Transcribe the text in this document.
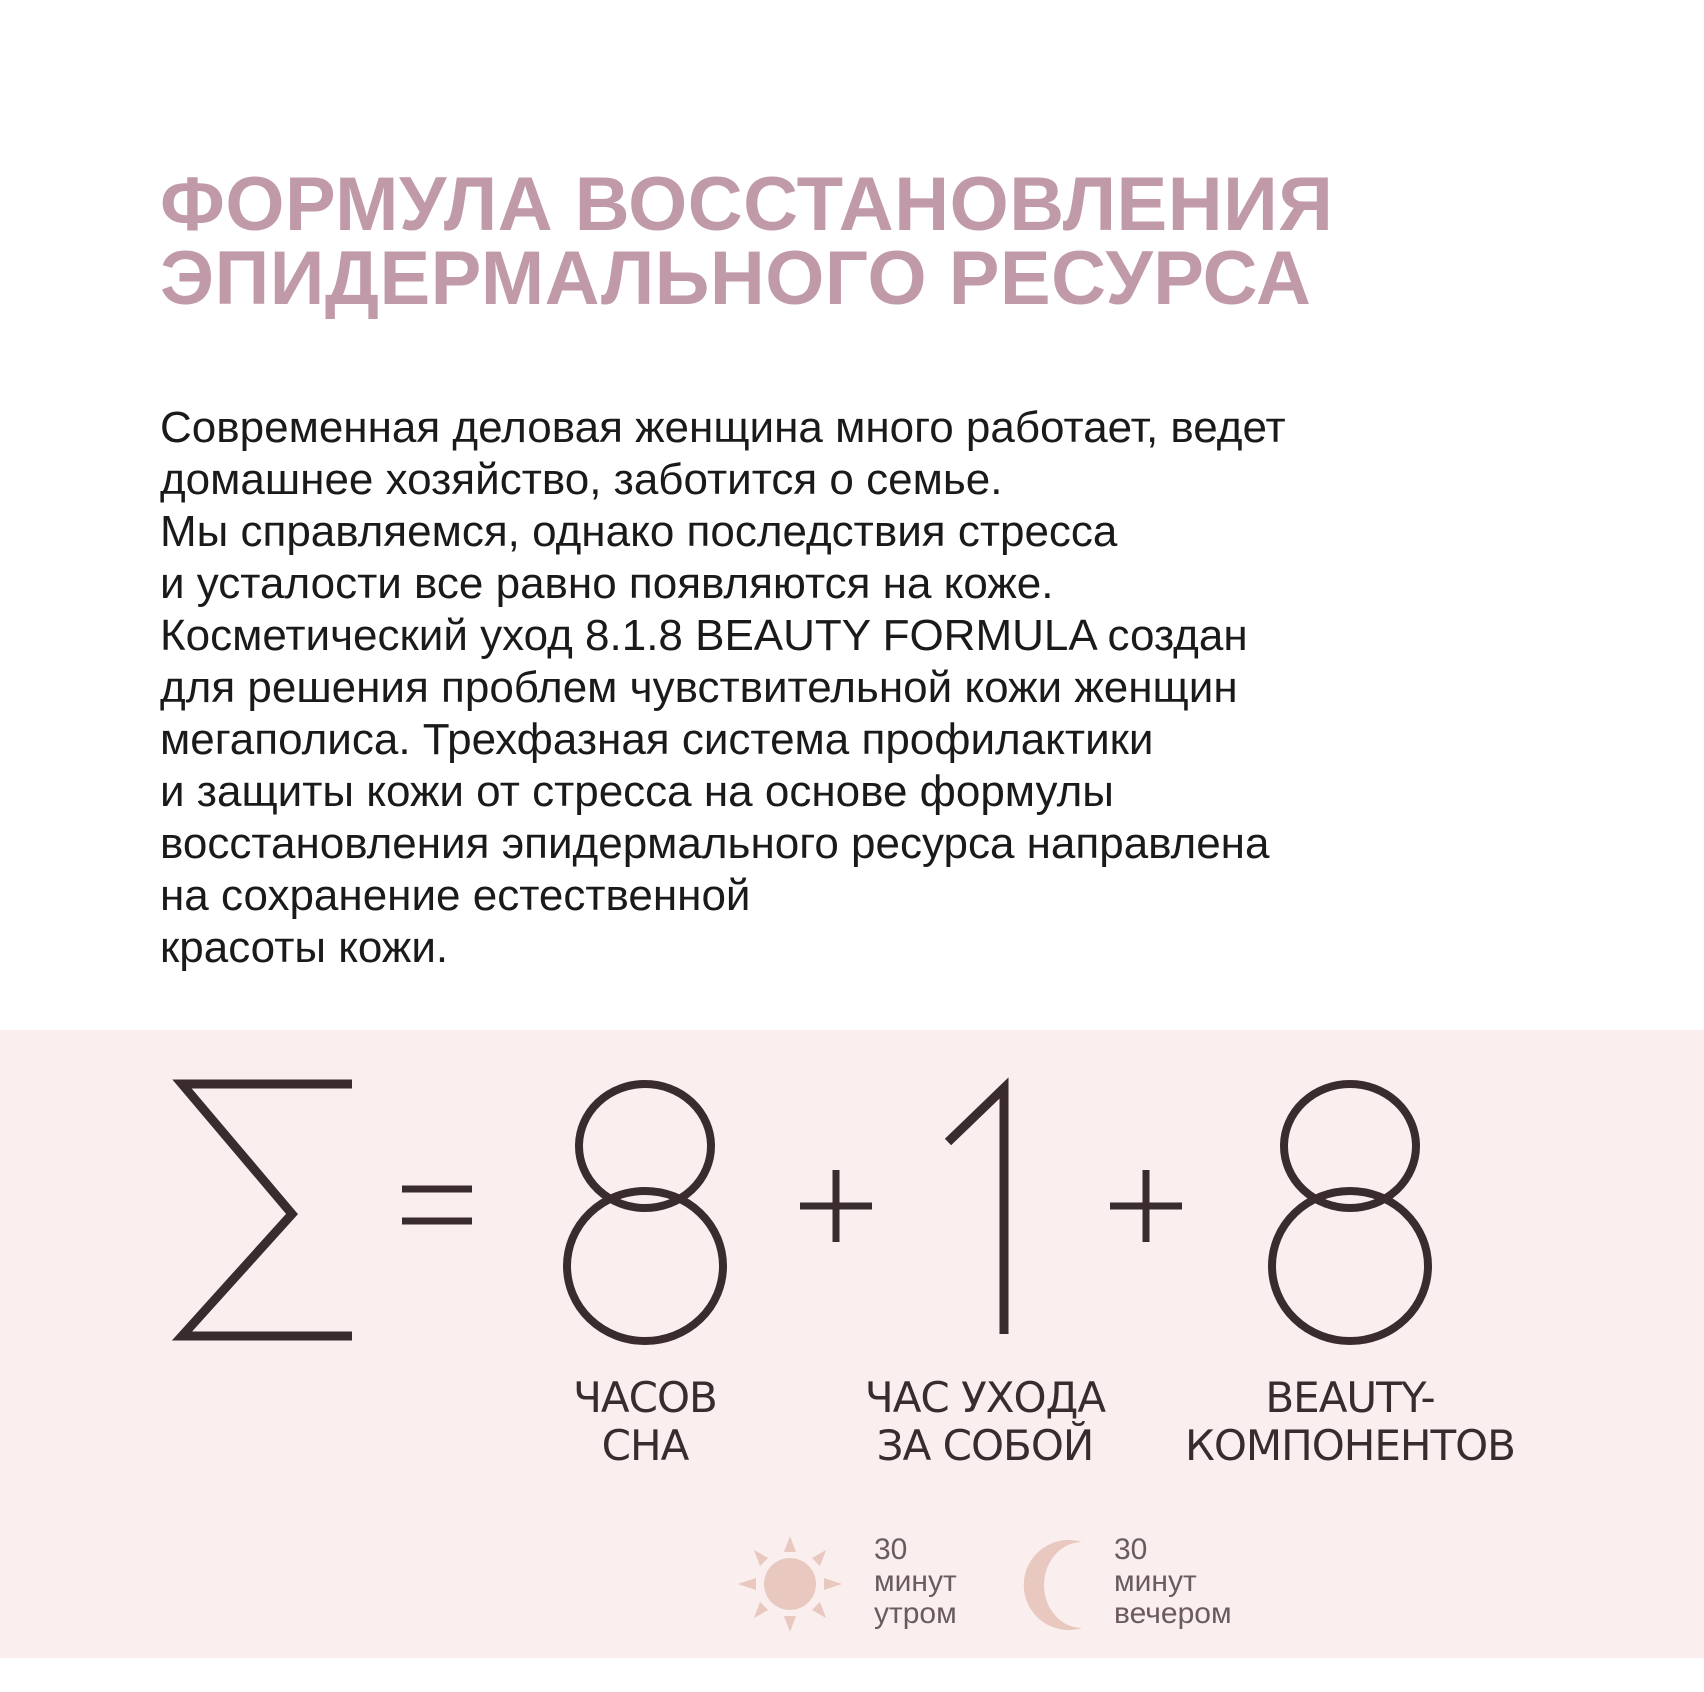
ФОРМУЛА ВОССТАНОВЛЕНИЯ
ЭПИДЕРМАЛЬНОГО РЕСУРСА
Современная деловая женщина много работает, ведет
домашнее хозяйство, заботится о семье.
Мы справляемся, однако последствия стресса
и усталости все равно появляются на коже.
Косметический уход 8.1.8 BEAUTY FORMULA создан
для решения проблем чувствительной кожи женщин
мегаполиса. Трехфазная система профилактики
и защиты кожи от стресса на основе формулы
восстановления эпидермального ресурса направлена
на сохранение естественной
красоты кожи.
ЧАСОВ
СНА
ЧАС УХОДА
ЗА СОБОЙ
BEAUTY-
КОМПОНЕНТОВ
30
минут
утром
30
минут
вечером
